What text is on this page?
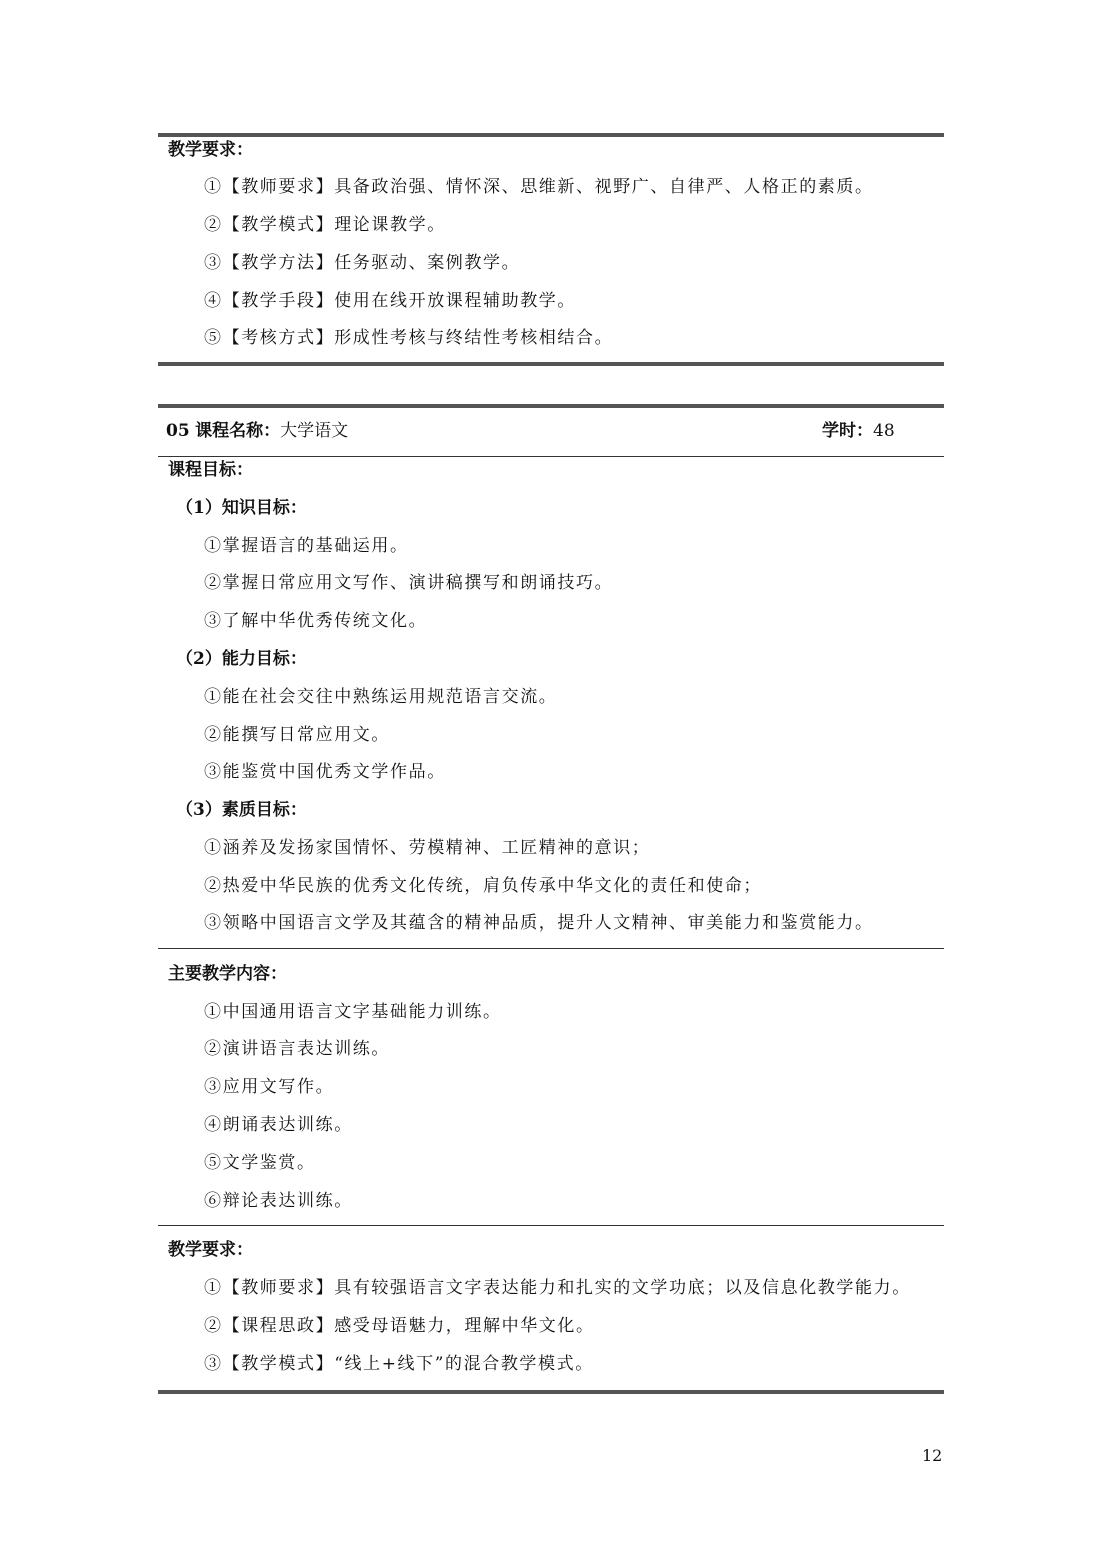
教学要求：
①【教师要求】具备政治强、情怀深、思维新、视野广、自律严、人格正的素质。
②【教学模式】理论课教学。
③【教学方法】任务驱动、案例教学。
④【教学手段】使用在线开放课程辅助教学。
⑤【考核方式】形成性考核与终结性考核相结合。
05 课程名称：大学语文	学时：48
课程目标：
（1）知识目标：
①掌握语言的基础运用。
②掌握日常应用文写作、演讲稿撰写和朗诵技巧。
③了解中华优秀传统文化。
（2）能力目标：
①能在社会交往中熟练运用规范语言交流。
②能撰写日常应用文。
③能鉴赏中国优秀文学作品。
（3）素质目标：
①涵养及发扬家国情怀、劳模精神、工匠精神的意识；
②热爱中华民族的优秀文化传统，肩负传承中华文化的责任和使命；
③领略中国语言文学及其蕴含的精神品质，提升人文精神、审美能力和鉴赏能力。
主要教学内容：
①中国通用语言文字基础能力训练。
②演讲语言表达训练。
③应用文写作。
④朗诵表达训练。
⑤文学鉴赏。
⑥辩论表达训练。
教学要求：
①【教师要求】具有较强语言文字表达能力和扎实的文学功底；以及信息化教学能力。
②【课程思政】感受母语魅力，理解中华文化。
③【教学模式】“线上+线下”的混合教学模式。
12
